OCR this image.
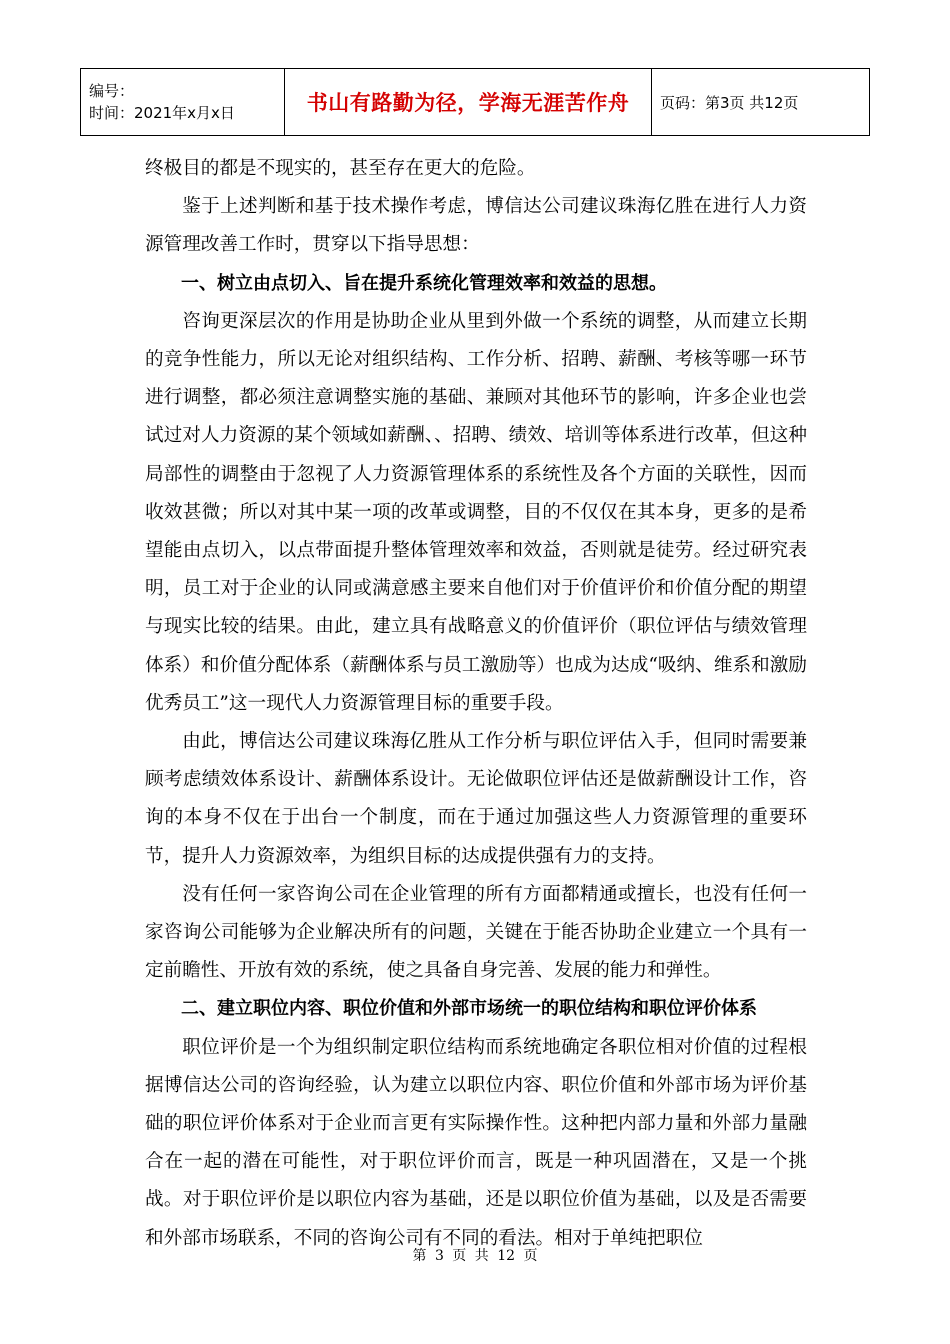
编号：
时间：2021年x月x日	书山有路勤为径，学海无涯苦作舟	页码：第3页 共12页

终极目的都是不现实的，甚至存在更大的危险。

鉴于上述判断和基于技术操作考虑，博信达公司建议珠海亿胜在进行人力资源管理改善工作时，贯穿以下指导思想：

一、树立由点切入、旨在提升系统化管理效率和效益的思想。

咨询更深层次的作用是协助企业从里到外做一个系统的调整，从而建立长期的竞争性能力，所以无论对组织结构、工作分析、招聘、薪酬、考核等哪一环节进行调整，都必须注意调整实施的基础、兼顾对其他环节的影响，许多企业也尝试过对人力资源的某个领域如薪酬、、招聘、绩效、培训等体系进行改革，但这种局部性的调整由于忽视了人力资源管理体系的系统性及各个方面的关联性，因而收效甚微；所以对其中某一项的改革或调整，目的不仅仅在其本身，更多的是希望能由点切入，以点带面提升整体管理效率和效益，否则就是徒劳。经过研究表明，员工对于企业的认同或满意感主要来自他们对于价值评价和价值分配的期望与现实比较的结果。由此，建立具有战略意义的价值评价（职位评估与绩效管理体系）和价值分配体系（薪酬体系与员工激励等）也成为达成“吸纳、维系和激励优秀员工”这一现代人力资源管理目标的重要手段。

由此，博信达公司建议珠海亿胜从工作分析与职位评估入手，但同时需要兼顾考虑绩效体系设计、薪酬体系设计。无论做职位评估还是做薪酬设计工作，咨询的本身不仅在于出台一个制度，而在于通过加强这些人力资源管理的重要环节，提升人力资源效率，为组织目标的达成提供强有力的支持。

没有任何一家咨询公司在企业管理的所有方面都精通或擅长，也没有任何一家咨询公司能够为企业解决所有的问题，关键在于能否协助企业建立一个具有一定前瞻性、开放有效的系统，使之具备自身完善、发展的能力和弹性。

二、建立职位内容、职位价值和外部市场统一的职位结构和职位评价体系

职位评价是一个为组织制定职位结构而系统地确定各职位相对价值的过程根据博信达公司的咨询经验，认为建立以职位内容、职位价值和外部市场为评价基础的职位评价体系对于企业而言更有实际操作性。这种把内部力量和外部力量融合在一起的潜在可能性，对于职位评价而言，既是一种巩固潜在，又是一个挑战。对于职位评价是以职位内容为基础，还是以职位价值为基础，以及是否需要和外部市场联系，不同的咨询公司有不同的看法。相对于单纯把职位

第 3 页 共 12 页
